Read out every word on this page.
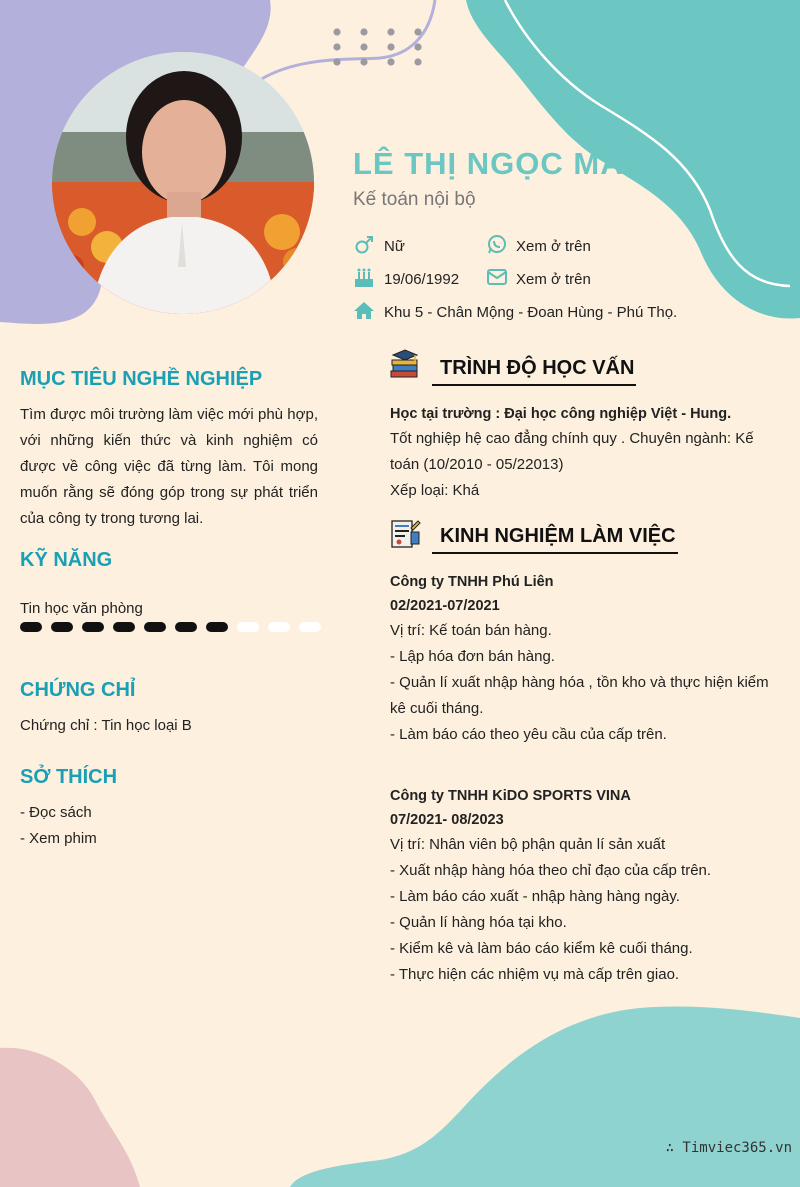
LÊ THỊ NGỌC MAI
Kế toán nội bộ
Nữ	Xem ở trên
19/06/1992	Xem ở trên
Khu 5 - Chân Mộng - Đoan Hùng - Phú Thọ.
MỤC TIÊU NGHỀ NGHIỆP
Tìm được môi trường làm việc mới phù hợp, với những kiến thức và kinh nghiệm có được về công việc đã từng làm. Tôi mong muốn rằng sẽ đóng góp trong sự phát triển của công ty trong tương lai.
KỸ NĂNG
Tin học văn phòng
CHỨNG CHỈ
Chứng chỉ : Tin học loại B
SỞ THÍCH
- Đọc sách
- Xem phim
TRÌNH ĐỘ HỌC VẤN
Học tại trường : Đại học công nghiệp Việt - Hung.
Tốt nghiệp hệ cao đẳng chính quy . Chuyên ngành: Kế
toán (10/2010 - 05/22013)
Xếp loại: Khá
KINH NGHIỆM LÀM VIỆC
Công ty TNHH Phú Liên
02/2021-07/2021
Vị trí: Kế toán bán hàng.
- Lập hóa đơn bán hàng.
- Quản lí xuất nhập hàng hóa , tồn kho và thực hiện kiểm
kê cuối tháng.
- Làm báo cáo theo yêu cầu của cấp trên.
Công ty TNHH KiDO SPORTS VINA
07/2021- 08/2023
Vị trí: Nhân viên bộ phận quản lí sản xuất
- Xuất nhập hàng hóa theo chỉ đạo của cấp trên.
- Làm báo cáo xuất - nhập hàng hàng ngày.
- Quản lí hàng hóa tại kho.
- Kiểm kê và làm báo cáo kiểm kê cuối tháng.
- Thực hiện các nhiệm vụ mà cấp trên giao.
∴ Timviec365.vn
